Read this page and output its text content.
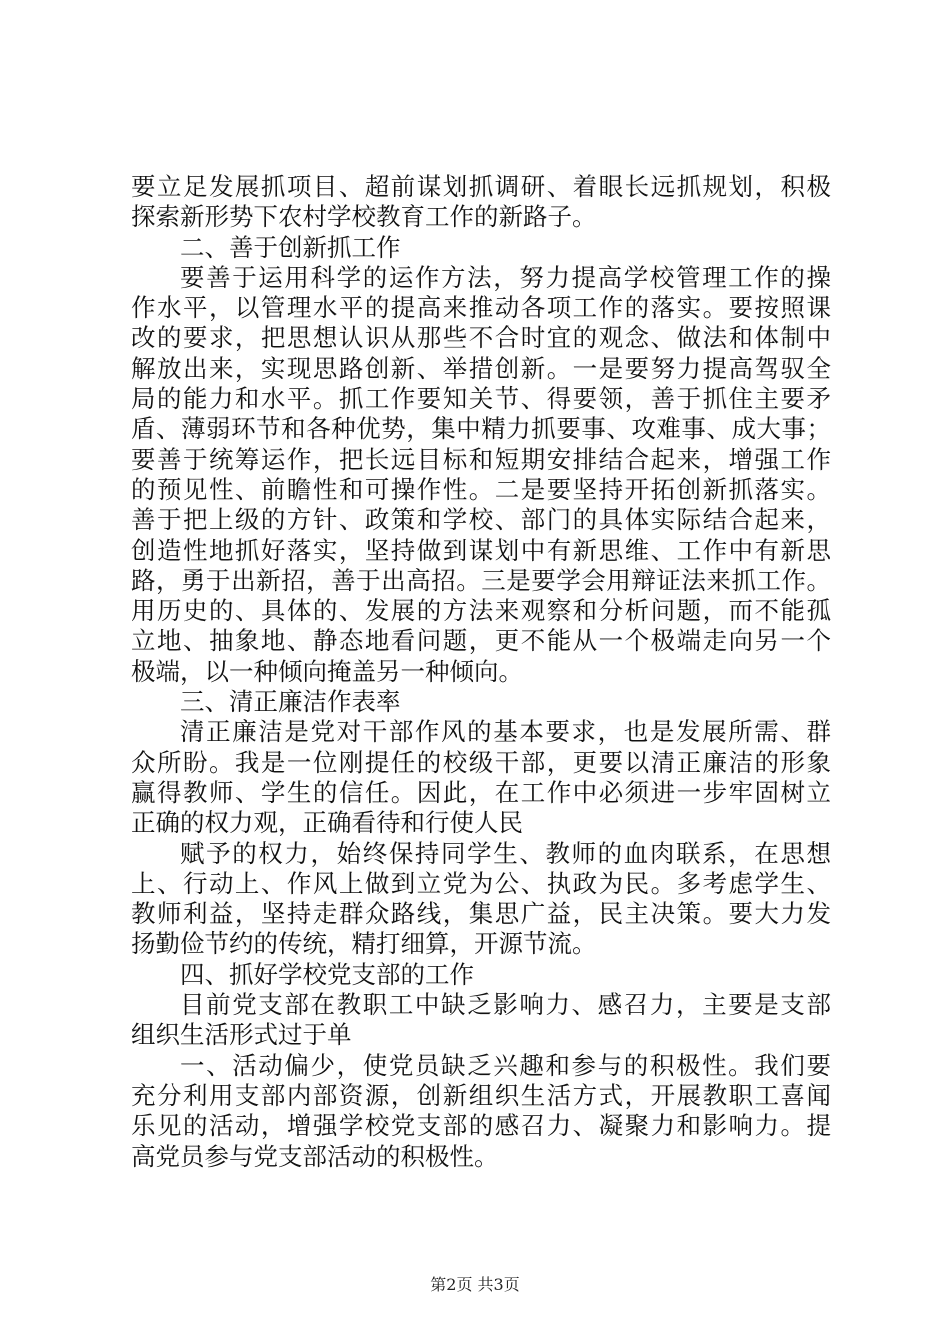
要立足发展抓项目、超前谋划抓调研、着眼长远抓规划，积极
探索新形势下农村学校教育工作的新路子。
二、善于创新抓工作
要善于运用科学的运作方法，努力提高学校管理工作的操
作水平，以管理水平的提高来推动各项工作的落实。要按照课
改的要求，把思想认识从那些不合时宜的观念、做法和体制中
解放出来，实现思路创新、举措创新。一是要努力提高驾驭全
局的能力和水平。抓工作要知关节、得要领，善于抓住主要矛
盾、薄弱环节和各种优势，集中精力抓要事、攻难事、成大事；
要善于统筹运作，把长远目标和短期安排结合起来，增强工作
的预见性、前瞻性和可操作性。二是要坚持开拓创新抓落实。
善于把上级的方针、政策和学校、部门的具体实际结合起来，
创造性地抓好落实，坚持做到谋划中有新思维、工作中有新思
路，勇于出新招，善于出高招。三是要学会用辩证法来抓工作。
用历史的、具体的、发展的方法来观察和分析问题，而不能孤
立地、抽象地、静态地看问题，更不能从一个极端走向另一个
极端，以一种倾向掩盖另一种倾向。
三、清正廉洁作表率
清正廉洁是党对干部作风的基本要求，也是发展所需、群
众所盼。我是一位刚提任的校级干部，更要以清正廉洁的形象
赢得教师、学生的信任。因此，在工作中必须进一步牢固树立
正确的权力观，正确看待和行使人民
赋予的权力，始终保持同学生、教师的血肉联系，在思想
上、行动上、作风上做到立党为公、执政为民。多考虑学生、
教师利益，坚持走群众路线，集思广益，民主决策。要大力发
扬勤俭节约的传统，精打细算，开源节流。
四、抓好学校党支部的工作
目前党支部在教职工中缺乏影响力、感召力，主要是支部
组织生活形式过于单
一、活动偏少，使党员缺乏兴趣和参与的积极性。我们要
充分利用支部内部资源，创新组织生活方式，开展教职工喜闻
乐见的活动，增强学校党支部的感召力、凝聚力和影响力。提
高党员参与党支部活动的积极性。
第2页 共3页
